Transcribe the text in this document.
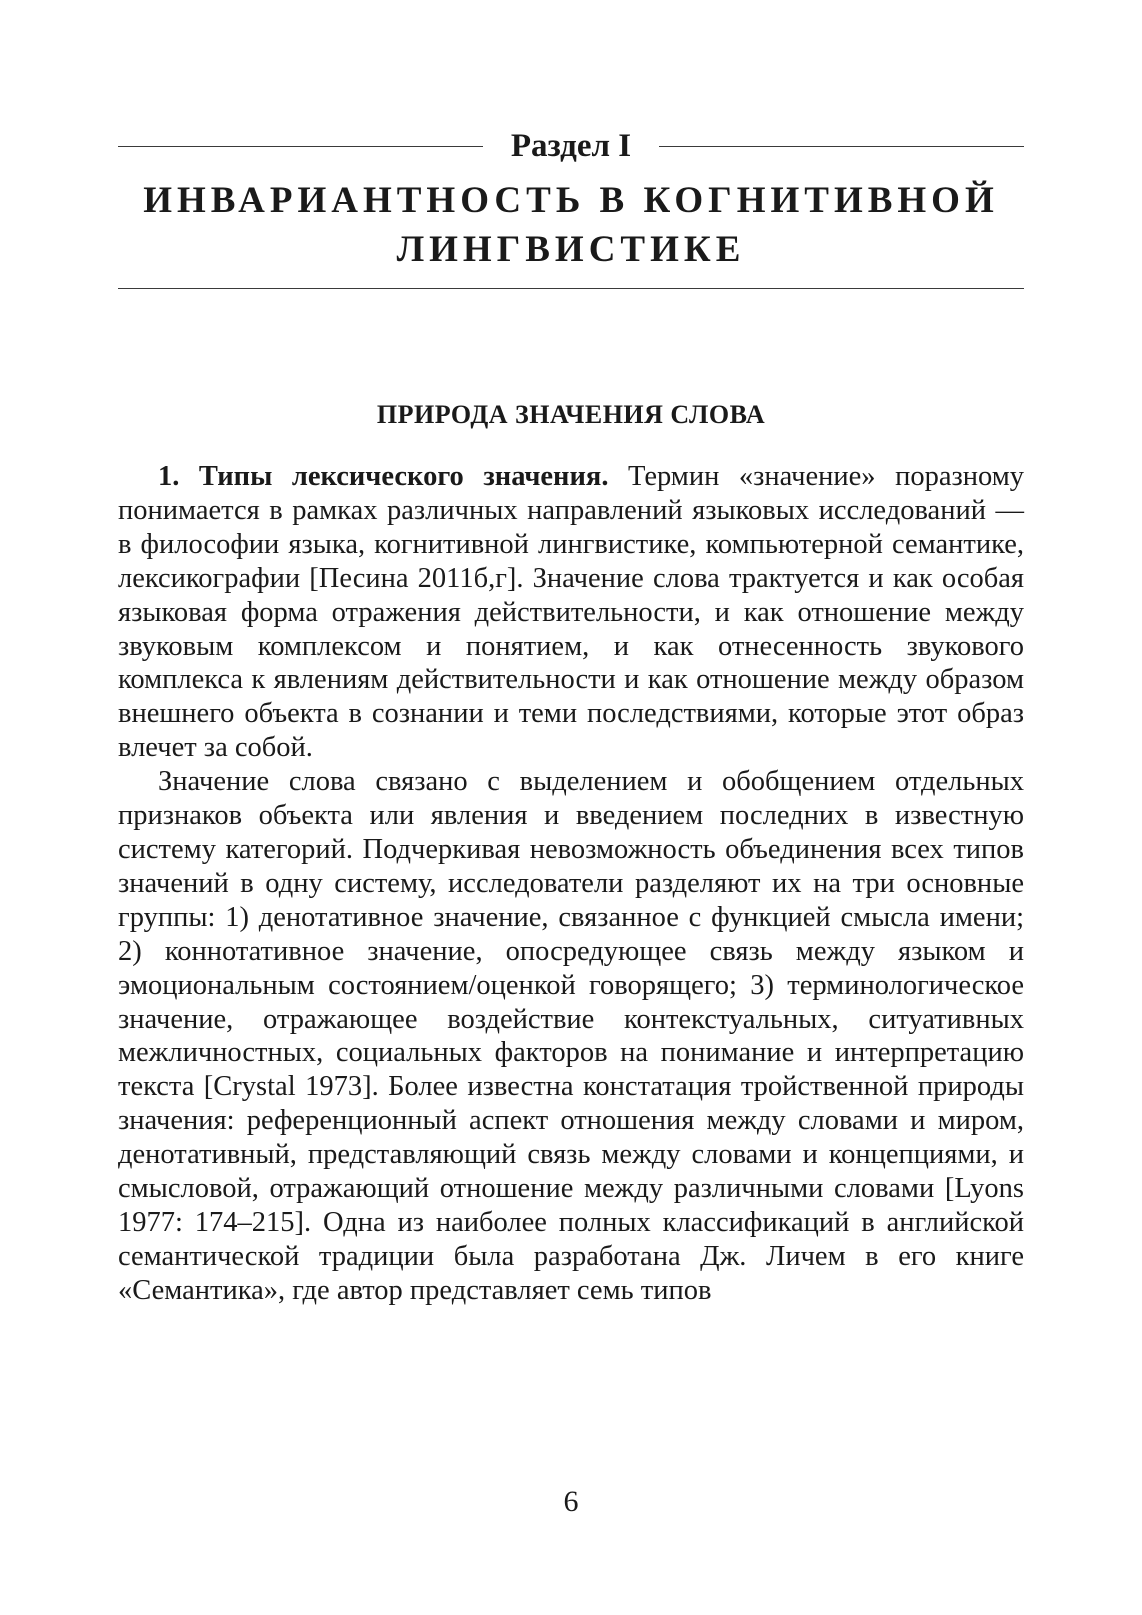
Раздел I
ИНВАРИАНТНОСТЬ В КОГНИТИВНОЙ
ЛИНГВИСТИКЕ
ПРИРОДА ЗНАЧЕНИЯ СЛОВА

1. Типы лексического значения. Термин «значение» поразному понимается в рамках различных направлений языковых исследований — в философии языка, когнитивной лингвистике, компьютерной семантике, лексикографии [Песина 2011б,г]. Значение слова трактуется и как особая языковая форма отражения действительности, и как отношение между звуковым комплексом и понятием, и как отнесенность звукового комплекса к явлениям действительности и как отношение между образом внешнего объекта в сознании и теми последствиями, которые этот образ влечет за собой.

Значение слова связано с выделением и обобщением отдельных признаков объекта или явления и введением последних в известную систему категорий. Подчеркивая невозможность объединения всех типов значений в одну систему, исследователи разделяют их на три основные группы: 1) денотативное значение, связанное с функцией смысла имени; 2) коннотативное значение, опосредующее связь между языком и эмоциональным состоянием/оценкой говорящего; 3) терминологическое значение, отражающее воздействие контекстуальных, ситуативных межличностных, социальных факторов на понимание и интерпретацию текста [Crystal 1973]. Более известна констатация тройственной природы значения: референционный аспект отношения между словами и миром, денотативный, представляющий связь между словами и концепциями, и смысловой, отражающий отношение между различными словами [Lyons 1977: 174–215]. Одна из наиболее полных классификаций в английской семантической традиции была разработана Дж. Личем в его книге «Семантика», где автор представляет семь типов

6
